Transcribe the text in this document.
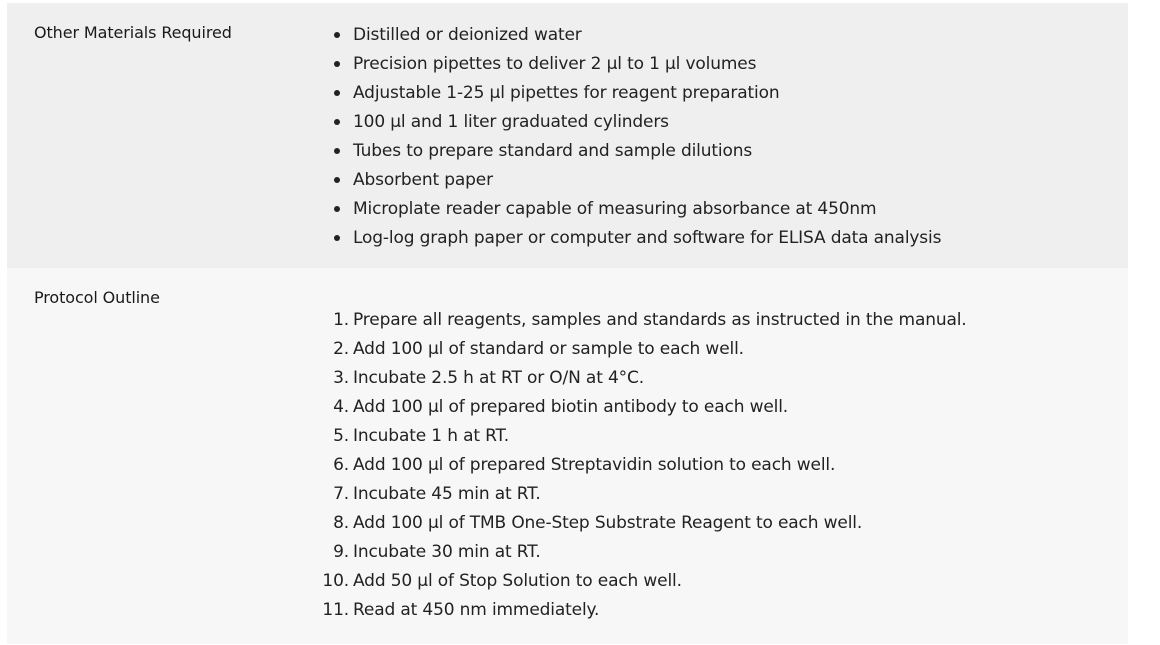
Other Materials Required	Distilled or deionized water
Precision pipettes to deliver 2 µl to 1 µl volumes
Adjustable 1-25 µl pipettes for reagent preparation
100 µl and 1 liter graduated cylinders
Tubes to prepare standard and sample dilutions
Absorbent paper
Microplate reader capable of measuring absorbance at 450nm
Log-log graph paper or computer and software for ELISA data analysis
Protocol Outline
1. Prepare all reagents, samples and standards as instructed in the manual.
2. Add 100 µl of standard or sample to each well.
3. Incubate 2.5 h at RT or O/N at 4°C.
4. Add 100 µl of prepared biotin antibody to each well.
5. Incubate 1 h at RT.
6. Add 100 µl of prepared Streptavidin solution to each well.
7. Incubate 45 min at RT.
8. Add 100 µl of TMB One-Step Substrate Reagent to each well.
9. Incubate 30 min at RT.
10. Add 50 µl of Stop Solution to each well.
11. Read at 450 nm immediately.
